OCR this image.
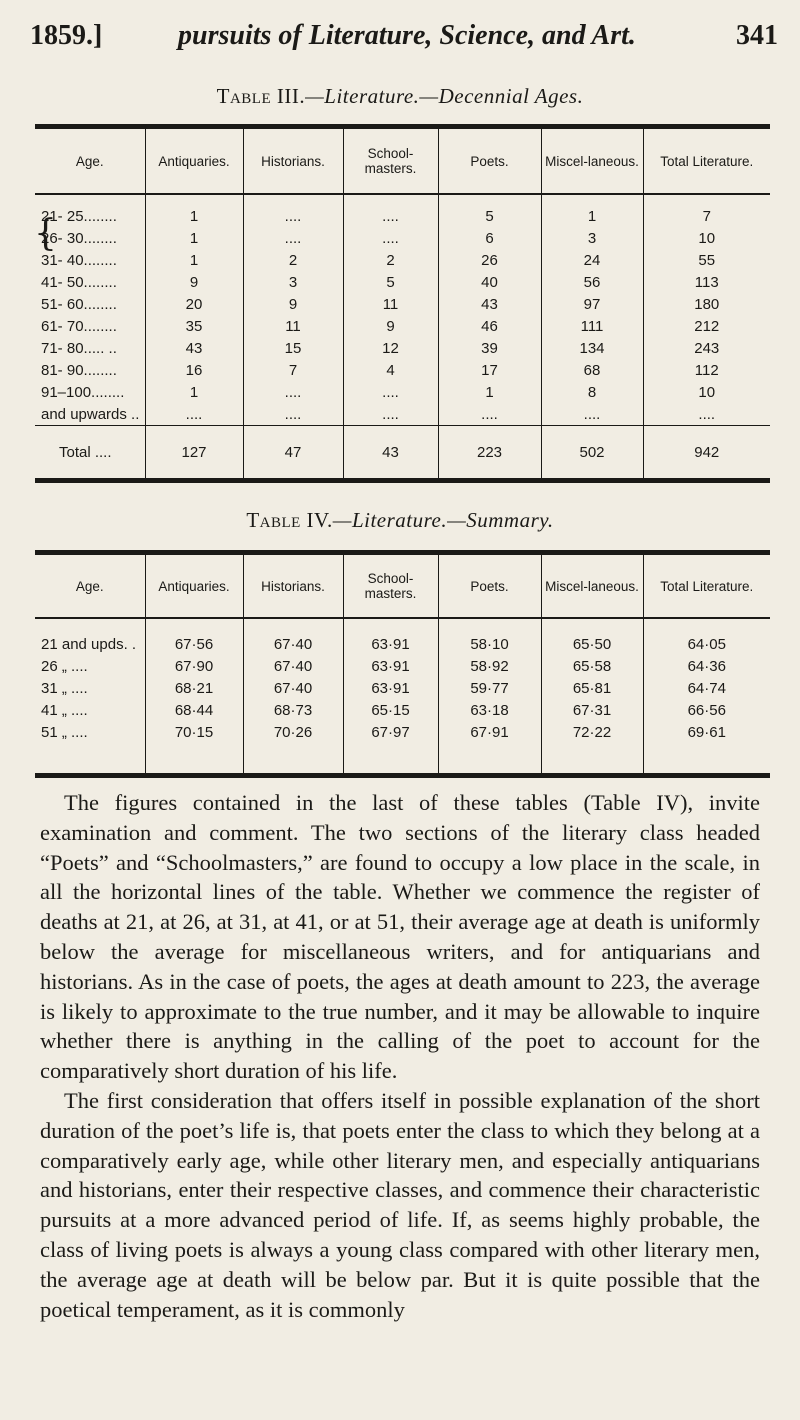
1859.]	pursuits of Literature, Science, and Art.	341
Table III.—Literature.—Decennial Ages.
Age.	Antiquaries.	Historians.	School-masters.	Poets.	Miscel-laneous.	Total Literature.

{
21- 25........	1	....	....	5	1	7
26- 30........	1	....	....	6	3	10
31- 40........	1	2	2	26	24	55
41- 50........	9	3	5	40	56	113
51- 60........	20	9	11	43	97	180
61- 70........	35	11	9	46	111	212
71- 80..... ..	43	15	12	39	134	243
81- 90........	16	7	4	17	68	112
91–100........	1	....	....	1	8	10
and upwards ..	....	....	....	....	....	....
Total ....	127	47	43	223	502	942
Table IV.—Literature.—Summary.
Age.	Antiquaries.	Historians.	School-masters.	Poets.	Miscel-laneous.	Total Literature.
21 and upds. .	67·56	67·40	63·91	58·10	65·50	64·05
26 „ ....	67·90	67·40	63·91	58·92	65·58	64·36
31 „ ....	68·21	67·40	63·91	59·77	65·81	64·74
41 „ ....	68·44	68·73	65·15	63·18	67·31	66·56
51 „ ....	70·15	70·26	67·97	67·91	72·22	69·61

The figures contained in the last of these tables (Table IV), invite examination and comment. The two sections of the literary class headed “Poets” and “Schoolmasters,” are found to occupy a low place in the scale, in all the horizontal lines of the table. Whether we commence the register of deaths at 21, at 26, at 31, at 41, or at 51, their average age at death is uniformly below the average for miscellaneous writers, and for antiquarians and historians. As in the case of poets, the ages at death amount to 223, the average is likely to approximate to the true number, and it may be allowable to inquire whether there is anything in the calling of the poet to account for the comparatively short duration of his life.

The first consideration that offers itself in possible explanation of the short duration of the poet’s life is, that poets enter the class to which they belong at a comparatively early age, while other literary men, and especially antiquarians and historians, enter their respective classes, and commence their characteristic pursuits at a more advanced period of life. If, as seems highly probable, the class of living poets is always a young class compared with other literary men, the average age at death will be below par. But it is quite possible that the poetical temperament, as it is commonly
